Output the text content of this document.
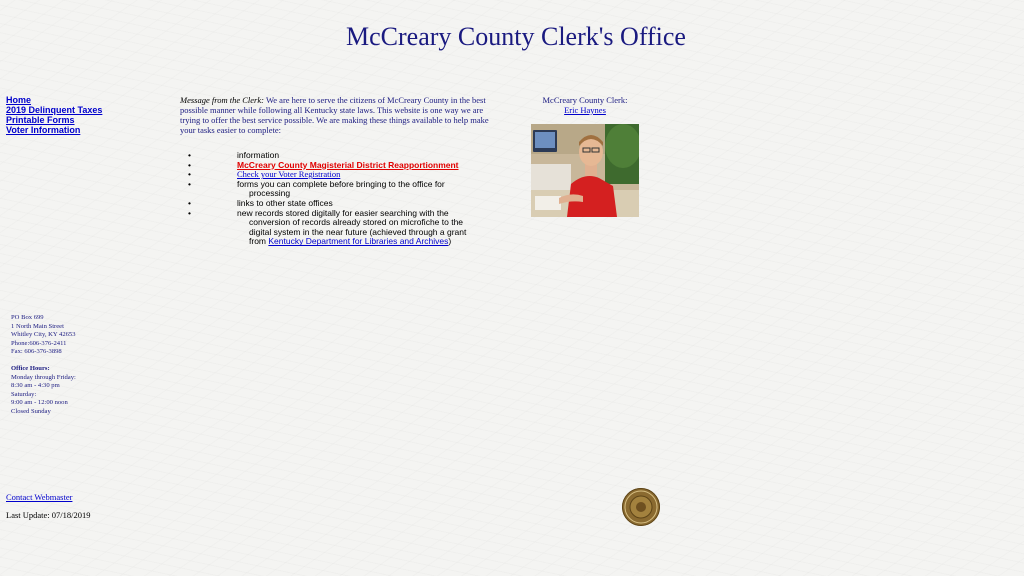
McCreary County Clerk's Office
Home
2019 Delinquent Taxes
Printable Forms
Voter Information
Message from the Clerk: We are here to serve the citizens of McCreary County in the best possible manner while following all Kentucky state laws. This website is one way we are trying to offer the best service possible. We are making these things available to help make your tasks easier to complete:
•	information
•	McCreary County Magisterial District Reapportionment
•	Check your Voter Registration
•	forms you can complete before bringing to the office for
processing
•	links to other state offices
•	new records stored digitally for easier searching with the
conversion of records already stored on microfiche to the
digital system in the near future (achieved through a grant
from Kentucky Department for Libraries and Archives)
McCreary County Clerk:
Eric Haynes
PO Box 699
1 North Main Street
Whitley City, KY 42653
Phone:606-376-2411
Fax: 606-376-3898
Office Hours:
Monday through Friday:
8:30 am - 4:30 pm
Saturday:
9:00 am - 12:00 noon
Closed Sunday
Contact Webmaster
Last Update: 07/18/2019
